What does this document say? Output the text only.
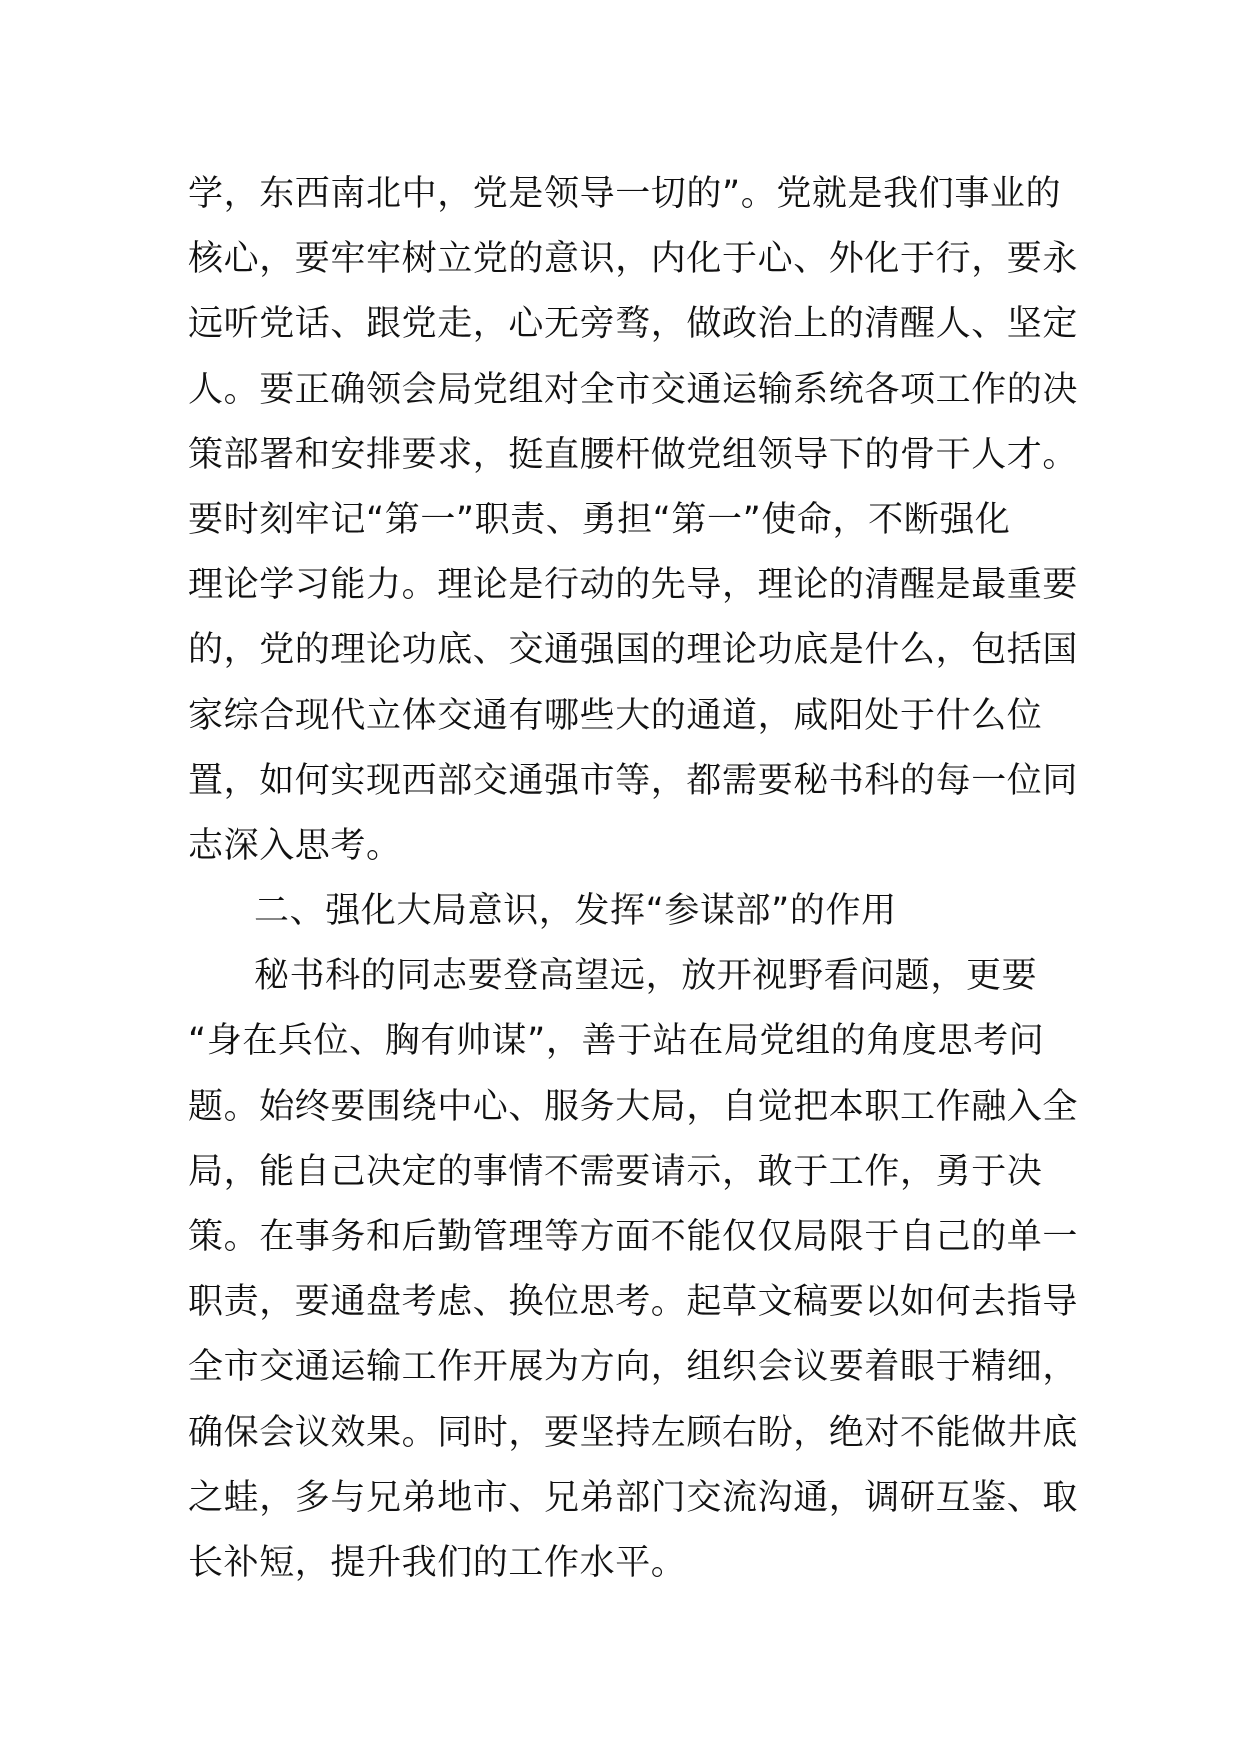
学，东西南北中，党是领导一切的”。党就是我们事业的
核心，要牢牢树立党的意识，内化于心、外化于行，要永
远听党话、跟党走，心无旁骛，做政治上的清醒人、坚定
人。要正确领会局党组对全市交通运输系统各项工作的决
策部署和安排要求，挺直腰杆做党组领导下的骨干人才。
要时刻牢记“第一”职责、勇担“第一”使命，不断强化
理论学习能力。理论是行动的先导，理论的清醒是最重要
的，党的理论功底、交通强国的理论功底是什么，包括国
家综合现代立体交通有哪些大的通道，咸阳处于什么位
置，如何实现西部交通强市等，都需要秘书科的每一位同
志深入思考。
二、强化大局意识，发挥“参谋部”的作用
秘书科的同志要登高望远，放开视野看问题，更要
“身在兵位、胸有帅谋”，善于站在局党组的角度思考问
题。始终要围绕中心、服务大局，自觉把本职工作融入全
局，能自己决定的事情不需要请示，敢于工作，勇于决
策。在事务和后勤管理等方面不能仅仅局限于自己的单一
职责，要通盘考虑、换位思考。起草文稿要以如何去指导
全市交通运输工作开展为方向，组织会议要着眼于精细，
确保会议效果。同时，要坚持左顾右盼，绝对不能做井底
之蛙，多与兄弟地市、兄弟部门交流沟通，调研互鉴、取
长补短，提升我们的工作水平。
